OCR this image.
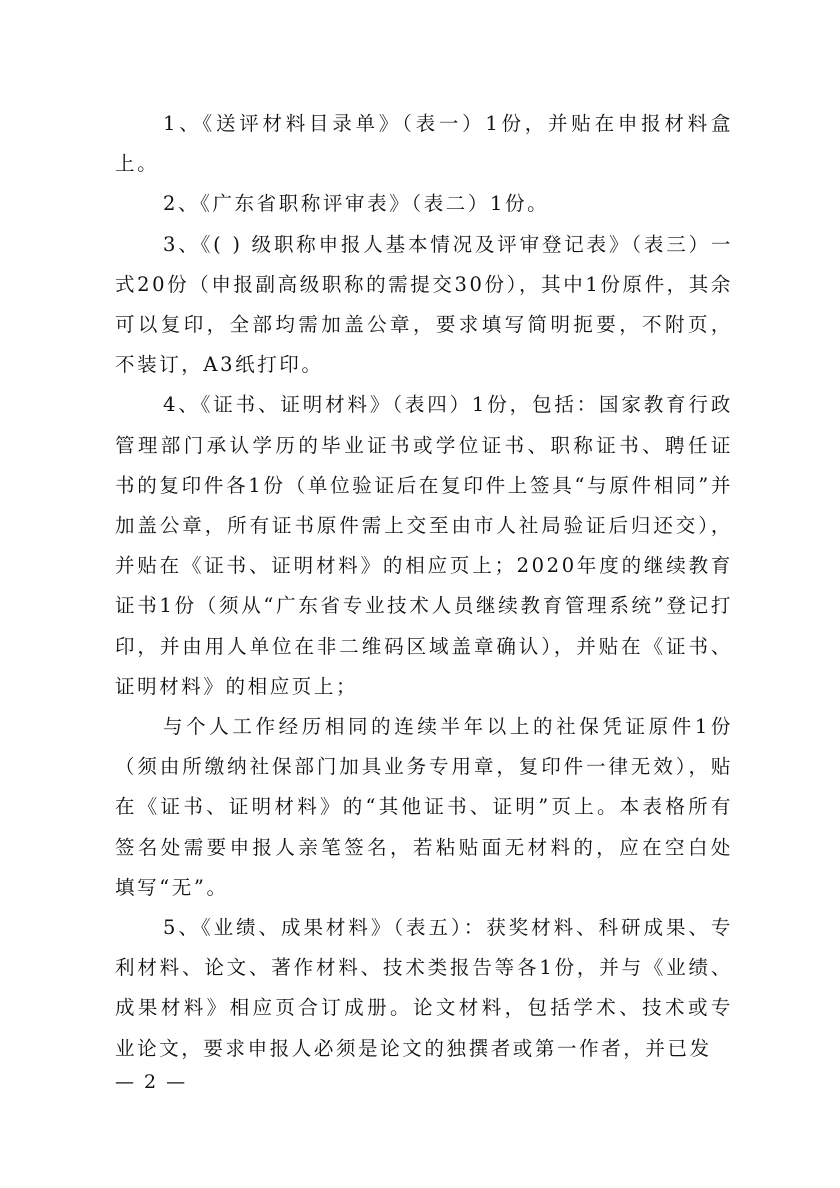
1、《送评材料目录单》（表一）1份，并贴在申报材料盒上。

2、《广东省职称评审表》（表二）1份。

3、《( ) 级职称申报人基本情况及评审登记表》（表三）一式20份（申报副高级职称的需提交30份），其中1份原件，其余可以复印，全部均需加盖公章，要求填写简明扼要，不附页，不装订，A3纸打印。

4、《证书、证明材料》（表四）1份，包括：国家教育行政管理部门承认学历的毕业证书或学位证书、职称证书、聘任证书的复印件各1份（单位验证后在复印件上签具“与原件相同”并加盖公章，所有证书原件需上交至由市人社局验证后归还交），并贴在《证书、证明材料》的相应页上；2020年度的继续教育证书1份（须从“广东省专业技术人员继续教育管理系统”登记打印，并由用人单位在非二维码区域盖章确认），并贴在《证书、证明材料》的相应页上；

与个人工作经历相同的连续半年以上的社保凭证原件1份（须由所缴纳社保部门加具业务专用章，复印件一律无效），贴在《证书、证明材料》的“其他证书、证明”页上。本表格所有签名处需要申报人亲笔签名，若粘贴面无材料的，应在空白处填写“无”。

5、《业绩、成果材料》（表五）：获奖材料、科研成果、专利材料、论文、著作材料、技术类报告等各1份，并与《业绩、成果材料》相应页合订成册。论文材料，包括学术、技术或专业论文，要求申报人必须是论文的独撰者或第一作者，并已发

— 2 —
